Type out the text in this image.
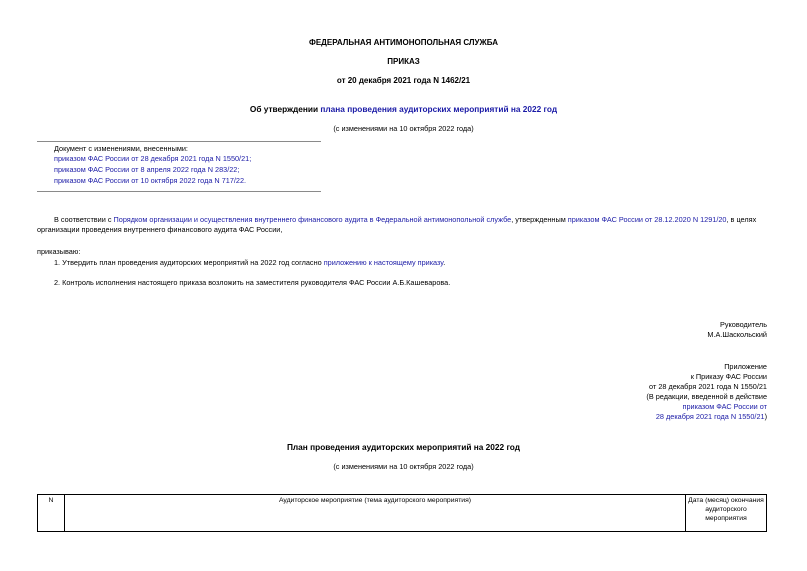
ФЕДЕРАЛЬНАЯ АНТИМОНОПОЛЬНАЯ СЛУЖБА
ПРИКАЗ
от 20 декабря 2021 года N 1462/21
Об утверждении плана проведения аудиторских мероприятий на 2022 год
(с изменениями на 10 октября 2022 года)
Документ с изменениями, внесенными:
приказом ФАС России от 28 декабря 2021 года N 1550/21;
приказом ФАС России от 8 апреля 2022 года N 283/22;
приказом ФАС России от 10 октября 2022 года N 717/22.
В соответствии с Порядком организации и осуществления внутреннего финансового аудита в Федеральной антимонопольной службе, утвержденным приказом ФАС России от 28.12.2020 N 1291/20, в целях
организации проведения внутреннего финансового аудита ФАС России,
приказываю:
1. Утвердить план проведения аудиторских мероприятий на 2022 год согласно приложению к настоящему приказу.
2. Контроль исполнения настоящего приказа возложить на заместителя руководителя ФАС России А.Б.Кашеварова.
Руководитель
М.А.Шаскольский
Приложение
к Приказу ФАС России
от 28 декабря 2021 года N 1550/21
(В редакции, введенной в действие
приказом ФАС России от
28 декабря 2021 года N 1550/21)
План проведения аудиторских мероприятий на 2022 год
(с изменениями на 10 октября 2022 года)
N	Аудиторское мероприятие (тема аудиторского мероприятия)	Дата (месяц) окончания аудиторского мероприятия
